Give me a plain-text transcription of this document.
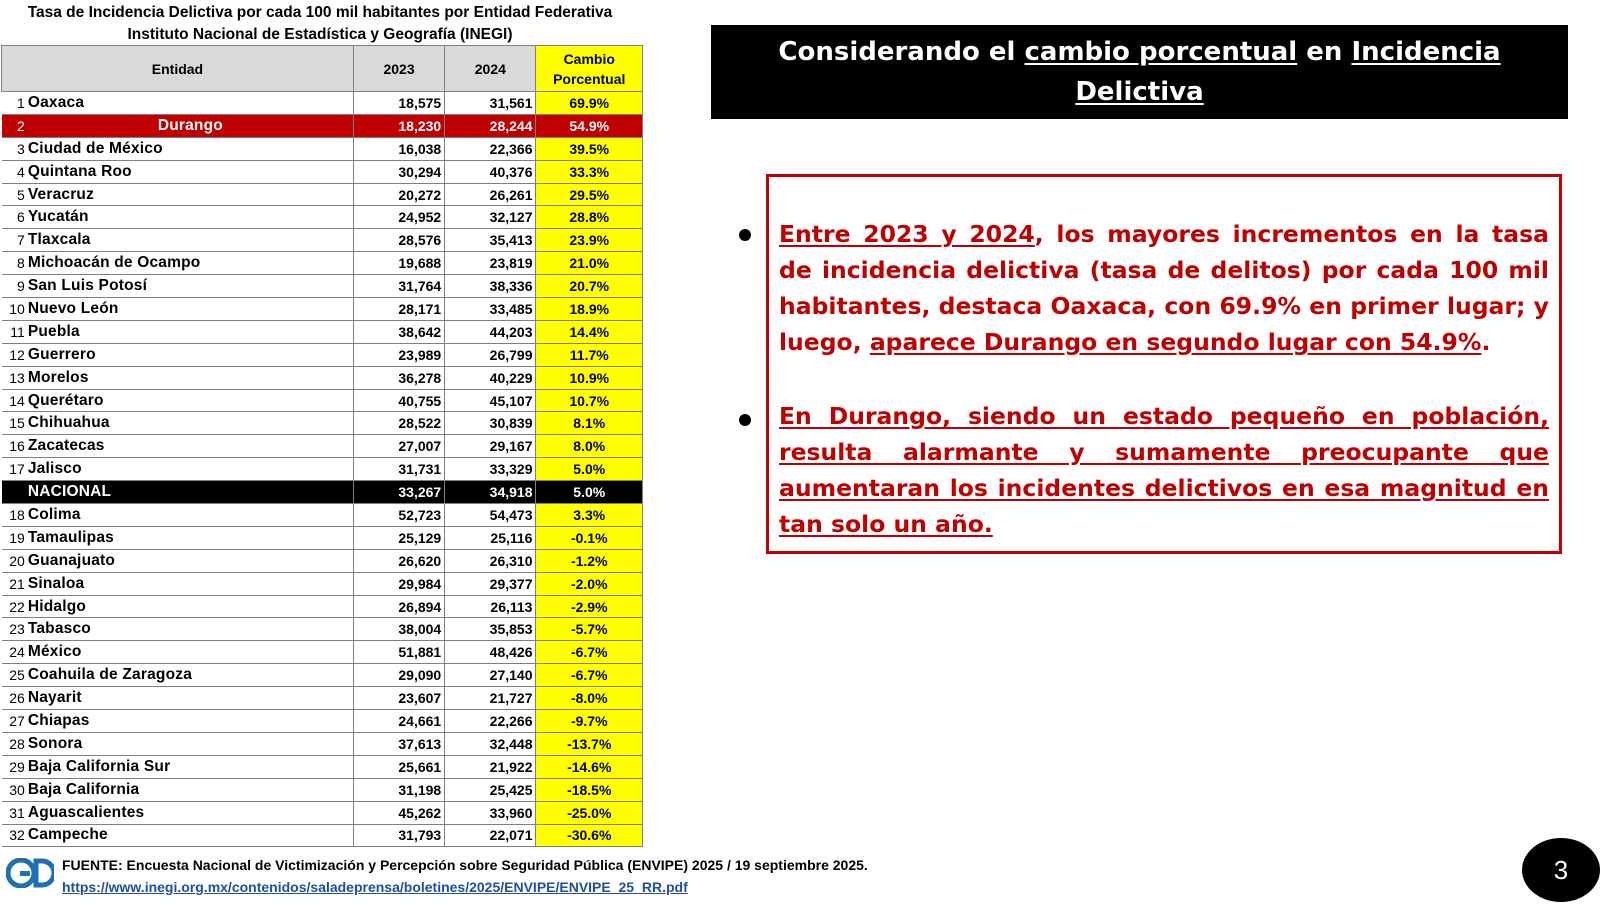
Tasa de Incidencia Delictiva por cada 100 mil habitantes por Entidad Federativa
Instituto Nacional de Estadística y Geografía (INEGI)
Entidad		2023	2024	Cambio
Porcentual

1	Oaxaca	18,575	31,561	69.9%
2	Durango	18,230	28,244	54.9%
3	Ciudad de México	16,038	22,366	39.5%
4	Quintana Roo	30,294	40,376	33.3%
5	Veracruz	20,272	26,261	29.5%
6	Yucatán	24,952	32,127	28.8%
7	Tlaxcala	28,576	35,413	23.9%
8	Michoacán de Ocampo	19,688	23,819	21.0%
9	San Luis Potosí	31,764	38,336	20.7%
10	Nuevo León	28,171	33,485	18.9%
11	Puebla	38,642	44,203	14.4%
12	Guerrero	23,989	26,799	11.7%
13	Morelos	36,278	40,229	10.9%
14	Querétaro	40,755	45,107	10.7%
15	Chihuahua	28,522	30,839	8.1%
16	Zacatecas	27,007	29,167	8.0%
17	Jalisco	31,731	33,329	5.0%
	NACIONAL	33,267	34,918	5.0%
18	Colima	52,723	54,473	3.3%
19	Tamaulipas	25,129	25,116	-0.1%
20	Guanajuato	26,620	26,310	-1.2%
21	Sinaloa	29,984	29,377	-2.0%
22	Hidalgo	26,894	26,113	-2.9%
23	Tabasco	38,004	35,853	-5.7%
24	México	51,881	48,426	-6.7%
25	Coahuila de Zaragoza	29,090	27,140	-6.7%
26	Nayarit	23,607	21,727	-8.0%
27	Chiapas	24,661	22,266	-9.7%
28	Sonora	37,613	32,448	-13.7%
29	Baja California Sur	25,661	21,922	-14.6%
30	Baja California	31,198	25,425	-18.5%
31	Aguascalientes	45,262	33,960	-25.0%
32	Campeche	31,793	22,071	-30.6%
Considerando el cambio porcentual en Incidencia Delictiva
entre 2023 y 2024
Entre 2023 y 2024, los mayores incrementos en la tasa de incidencia delictiva (tasa de delitos) por cada 100 mil habitantes, destaca Oaxaca, con 69.9% en primer lugar; y luego, aparece Durango en segundo lugar con 54.9%.
En Durango, siendo un estado pequeño en población, resulta alarmante y sumamente preocupante que aumentaran los incidentes delictivos en esa magnitud en tan solo un año.
FUENTE: Encuesta Nacional de Victimización y Percepción sobre Seguridad Pública (ENVIPE) 2025 / 19 septiembre 2025.
https://www.inegi.org.mx/contenidos/saladeprensa/boletines/2025/ENVIPE/ENVIPE_25_RR.pdf
3
